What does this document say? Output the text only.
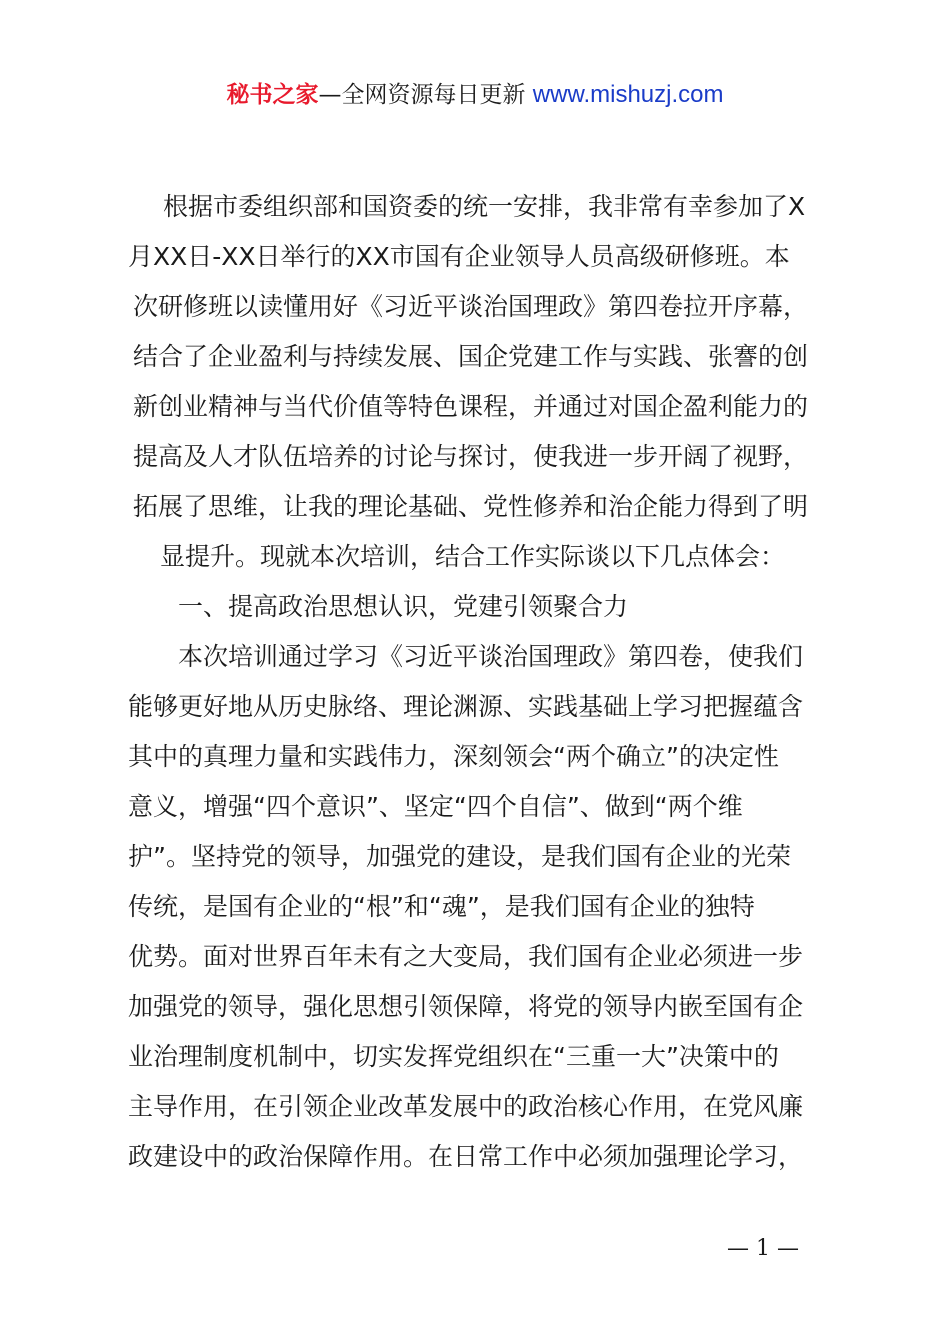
秘书之家—全网资源每日更新 www.mishuzj.com
根据市委组织部和国资委的统一安排，我非常有幸参加了X
月XX日-XX日举行的XX市国有企业领导人员高级研修班。本
次研修班以读懂用好《习近平谈治国理政》第四卷拉开序幕，
结合了企业盈利与持续发展、国企党建工作与实践、张謇的创
新创业精神与当代价值等特色课程，并通过对国企盈利能力的
提高及人才队伍培养的讨论与探讨，使我进一步开阔了视野，
拓展了思维，让我的理论基础、党性修养和治企能力得到了明
显提升。现就本次培训，结合工作实际谈以下几点体会：
一、提高政治思想认识，党建引领聚合力
本次培训通过学习《习近平谈治国理政》第四卷，使我们
能够更好地从历史脉络、理论渊源、实践基础上学习把握蕴含
其中的真理力量和实践伟力，深刻领会“两个确立”的决定性
意义，增强“四个意识”、坚定“四个自信”、做到“两个维
护”。坚持党的领导，加强党的建设，是我们国有企业的光荣
传统，是国有企业的“根”和“魂”，是我们国有企业的独特
优势。面对世界百年未有之大变局，我们国有企业必须进一步
加强党的领导，强化思想引领保障，将党的领导内嵌至国有企
业治理制度机制中，切实发挥党组织在“三重一大”决策中的
主导作用，在引领企业改革发展中的政治核心作用，在党风廉
政建设中的政治保障作用。在日常工作中必须加强理论学习，
— 1 —
